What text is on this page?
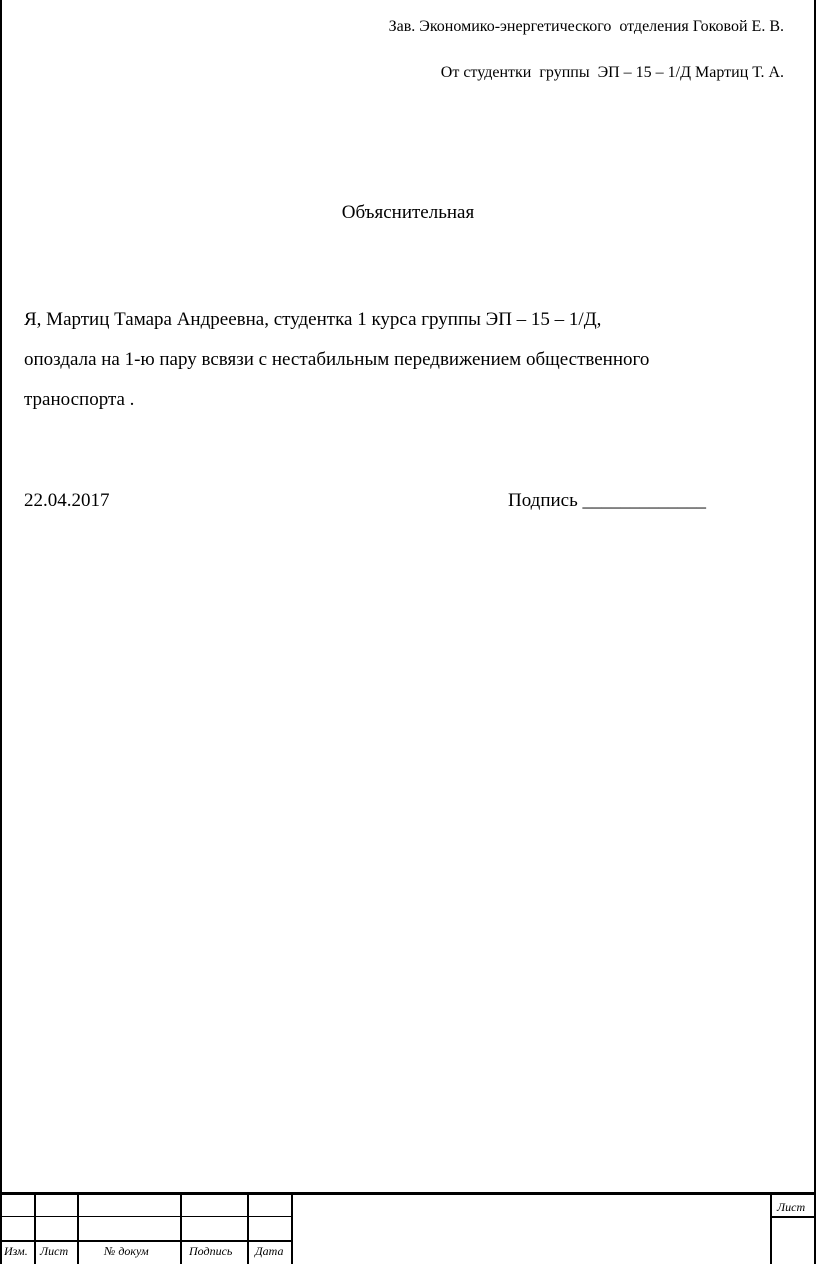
Зав. Экономико-энергетического  отделения Гоковой Е. В.
От студентки  группы  ЭП – 15 – 1/Д Мартиц Т. А.
Объяснительная
Я, Мартиц Тамара Андреевна, студентка 1 курса группы ЭП – 15 – 1/Д,
опоздала на 1-ю пару всвязи с нестабильным передвижением общественного
траноспорта .
22.04.2017	Подпись _____________
Изм. Лист	№ докум	Подпись Дата
Лист
